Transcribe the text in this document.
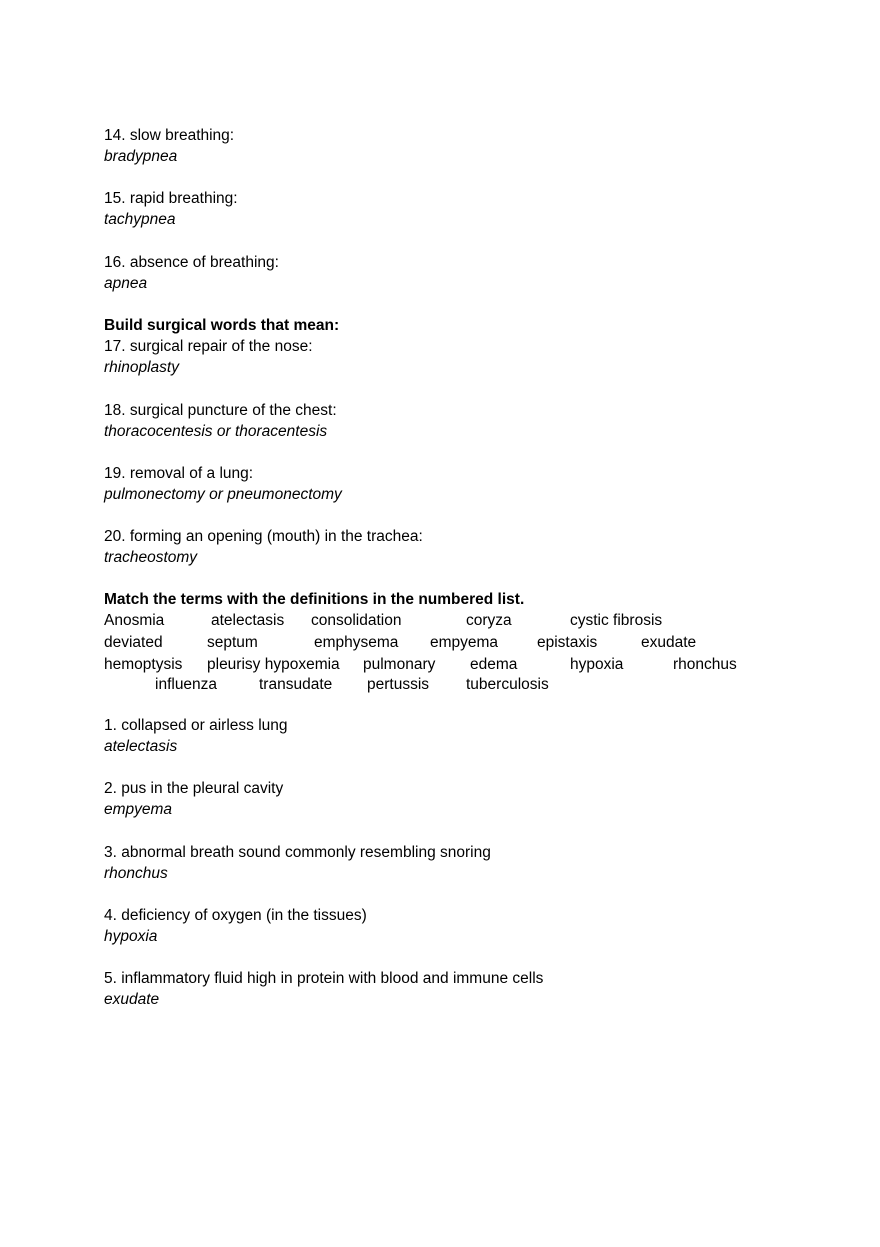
14. slow breathing:
bradypnea
15. rapid breathing:
tachypnea
16. absence of breathing:
apnea
Build surgical words that mean:
17. surgical repair of the nose:
rhinoplasty
18. surgical puncture of the chest:
thoracocentesis or thoracentesis
19. removal of a lung:
pulmonectomy or pneumonectomy
20. forming an opening (mouth) in the trachea:
tracheostomy
Match the terms with the definitions in the numbered list.
Anosmia	atelectasis consolidation	coryza	cystic fibrosis
deviated	septum	emphysema empyema	epistaxis	exudate
hemoptysis pleurisy hypoxemia pulmonary edema	hypoxia	rhonchus
influenza	transudate pertussis tuberculosis
1. collapsed or airless lung
atelectasis
2. pus in the pleural cavity
empyema
3. abnormal breath sound commonly resembling snoring
rhonchus
4. deficiency of oxygen (in the tissues)
hypoxia
5. inflammatory fluid high in protein with blood and immune cells
exudate
